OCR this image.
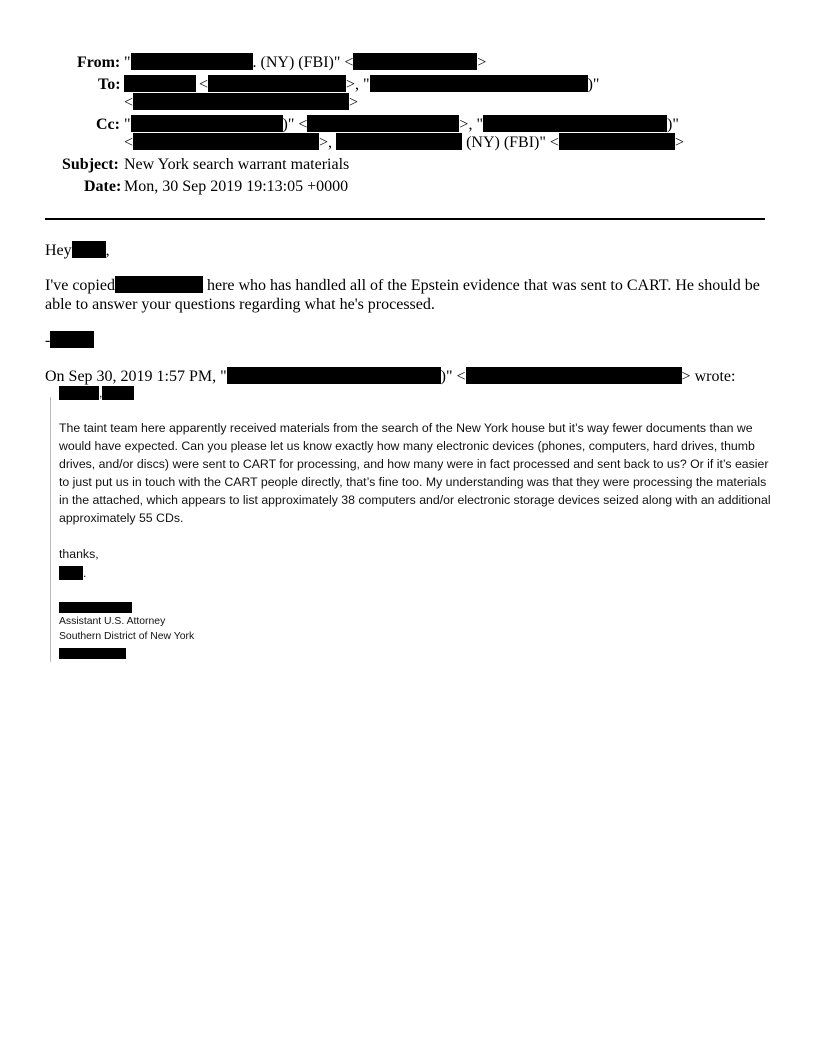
From: "	. (NY) (FBI)" <	>
To:	<	>, "	)"
<	>
Cc: "	)" <	>, "	)"
<	>,	(NY) (FBI)" <	>
Subject: New York search warrant materials
Date: Mon, 30 Sep 2019 19:13:05 +0000
Hey ,
I've copied	here who has handled all of the Epstein evidence that was sent to CART. He should be able to answer your questions regarding what he's processed.
-
On Sep 30, 2019 1:57 PM, "	)" <	> wrote:
,
The taint team here apparently received materials from the search of the New York house but it’s way fewer documents than we would have expected. Can you please let us know exactly how many electronic devices (phones, computers, hard drives, thumb drives, and/or discs) were sent to CART for processing, and how many were in fact processed and sent back to us? Or if it’s easier to just put us in touch with the CART people directly, that’s fine too. My understanding was that they were processing the materials in the attached, which appears to list approximately 38 computers and/or electronic storage devices seized along with an additional approximately 55 CDs.
thanks,
.
Assistant U.S. Attorney
Southern District of New York
